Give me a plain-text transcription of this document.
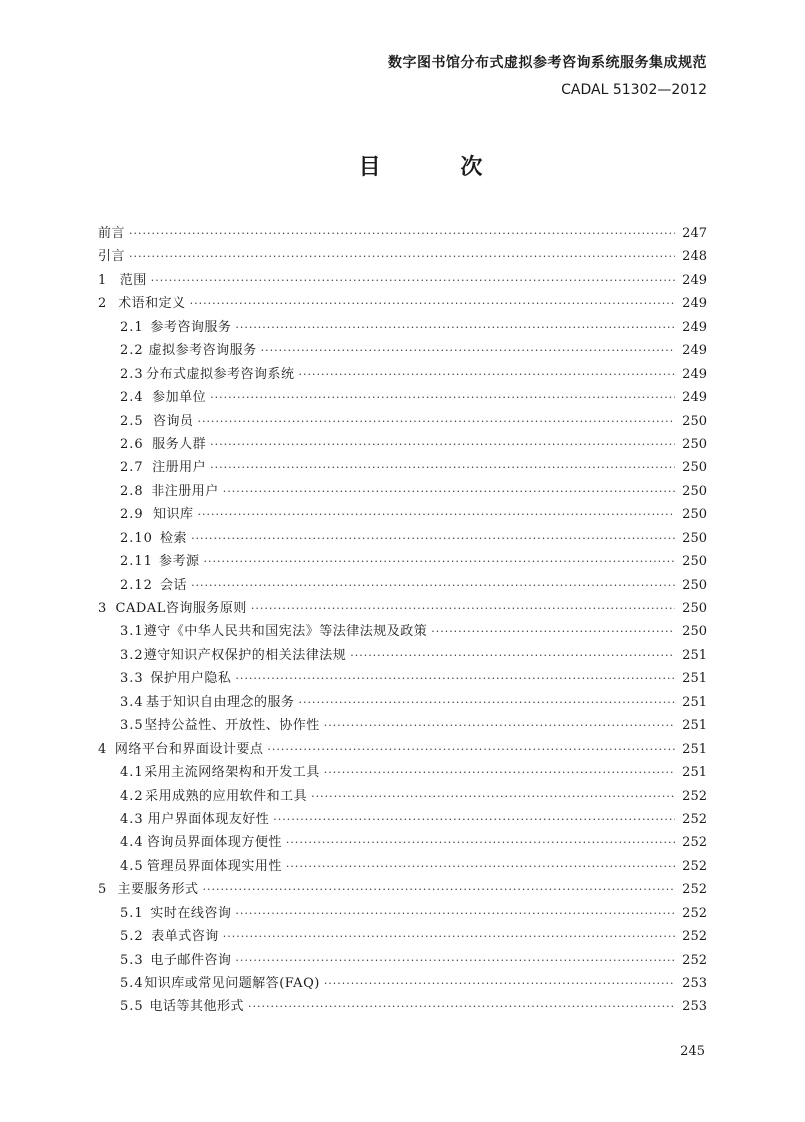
数字图书馆分布式虚拟参考咨询系统服务集成规范
CADAL 51302—2012
目 次
前言 ·····	247
引言 ·····	248
1	范围 ·····	249
2 术语和定义 ·····	249
2.1 参考咨询服务 ·····	249
2.2 虚拟参考咨询服务 ·····	249
2.3 分布式虚拟参考咨询系统 ·····	249
2.4 参加单位 ·····	249
2.5 咨询员 ·····	250
2.6 服务人群 ·····	250
2.7 注册用户 ·····	250
2.8 非注册用户 ·····	250
2.9 知识库 ·····	250
2.10 检索 ·····	250
2.11 参考源 ·····	250
2.12 会话 ·····	250
3 CADAL咨询服务原则 ·····	250
3.1 遵守《中华人民共和国宪法》等法律法规及政策 ·····	250
3.2 遵守知识产权保护的相关法律法规 ·····	251
3.3 保护用户隐私 ·····	251
3.4 基于知识自由理念的服务 ·····	251
3.5 坚持公益性、开放性、协作性 ·····	251
4 网络平台和界面设计要点 ·····	251
4.1 采用主流网络架构和开发工具 ·····	251
4.2 采用成熟的应用软件和工具 ·····	252
4.3 用户界面体现友好性 ·····	252
4.4 咨询员界面体现方便性 ·····	252
4.5 管理员界面体现实用性 ·····	252
5 主要服务形式 ·····	252
5.1 实时在线咨询 ·····	252
5.2 表单式咨询 ·····	252
5.3 电子邮件咨询 ·····	252
5.4 知识库或常见问题解答(FAQ) ·····	253
5.5 电话等其他形式 ·····	253
245
